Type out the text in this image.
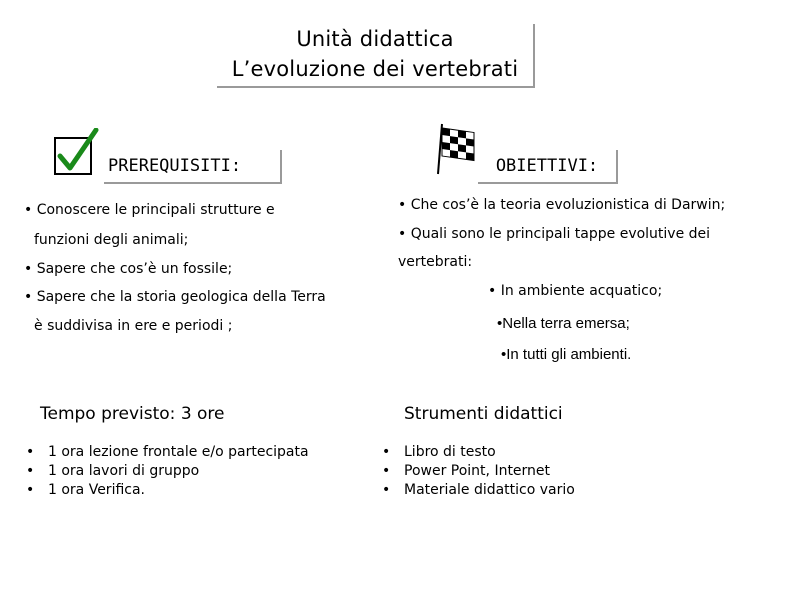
Unità didattica
L’evoluzione dei vertebrati
PREREQUISITI:	OBIETTIVI:
• Conoscere le principali strutture e
funzioni degli animali;
• Sapere che cos’è un fossile;
• Sapere che la storia geologica della Terra
è suddivisa in ere e periodi ;
• Che cos’è la teoria evoluzionistica di Darwin;
• Quali sono le principali tappe evolutive dei
vertebrati:
• In ambiente acquatico;
•Nella terra emersa;
•In tutti gli ambienti.
Tempo previsto: 3 ore
• 1 ora lezione frontale e/o partecipata
• 1 ora lavori di gruppo
• 1 ora Verifica.
Strumenti didattici
• Libro di testo
• Power Point, Internet
• Materiale didattico vario
